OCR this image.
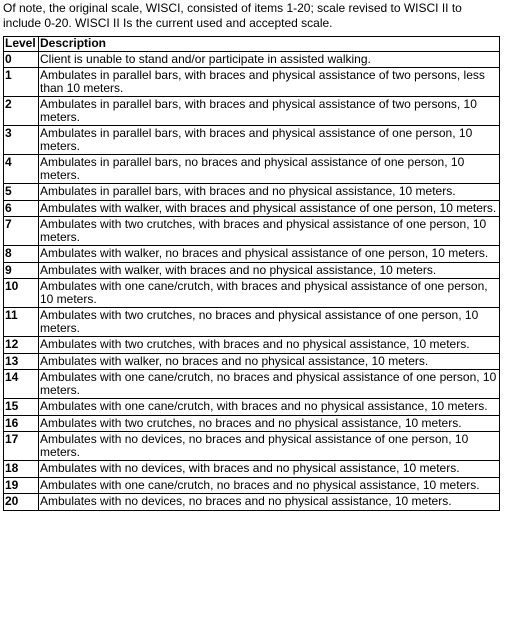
Of note, the original scale, WISCI, consisted of items 1-20; scale revised to WISCI II to include 0-20. WISCI II Is the current used and accepted scale.

Level	Description
0	Client is unable to stand and/or participate in assisted walking.
1	Ambulates in parallel bars, with braces and physical assistance of two persons, less than 10 meters.
2	Ambulates in parallel bars, with braces and physical assistance of two persons, 10 meters.
3	Ambulates in parallel bars, with braces and physical assistance of one person, 10 meters.
4	Ambulates in parallel bars, no braces and physical assistance of one person, 10 meters.
5	Ambulates in parallel bars, with braces and no physical assistance, 10 meters.
6	Ambulates with walker, with braces and physical assistance of one person, 10 meters.
7	Ambulates with two crutches, with braces and physical assistance of one person, 10 meters.
8	Ambulates with walker, no braces and physical assistance of one person, 10 meters.
9	Ambulates with walker, with braces and no physical assistance, 10 meters.
10	Ambulates with one cane/crutch, with braces and physical assistance of one person, 10 meters.
11	Ambulates with two crutches, no braces and physical assistance of one person, 10 meters.
12	Ambulates with two crutches, with braces and no physical assistance, 10 meters.
13	Ambulates with walker, no braces and no physical assistance, 10 meters.
14	Ambulates with one cane/crutch, no braces and physical assistance of one person, 10 meters.
15	Ambulates with one cane/crutch, with braces and no physical assistance, 10 meters.
16	Ambulates with two crutches, no braces and no physical assistance, 10 meters.
17	Ambulates with no devices, no braces and physical assistance of one person, 10 meters.
18	Ambulates with no devices, with braces and no physical assistance, 10 meters.
19	Ambulates with one cane/crutch, no braces and no physical assistance, 10 meters.
20	Ambulates with no devices, no braces and no physical assistance, 10 meters.
